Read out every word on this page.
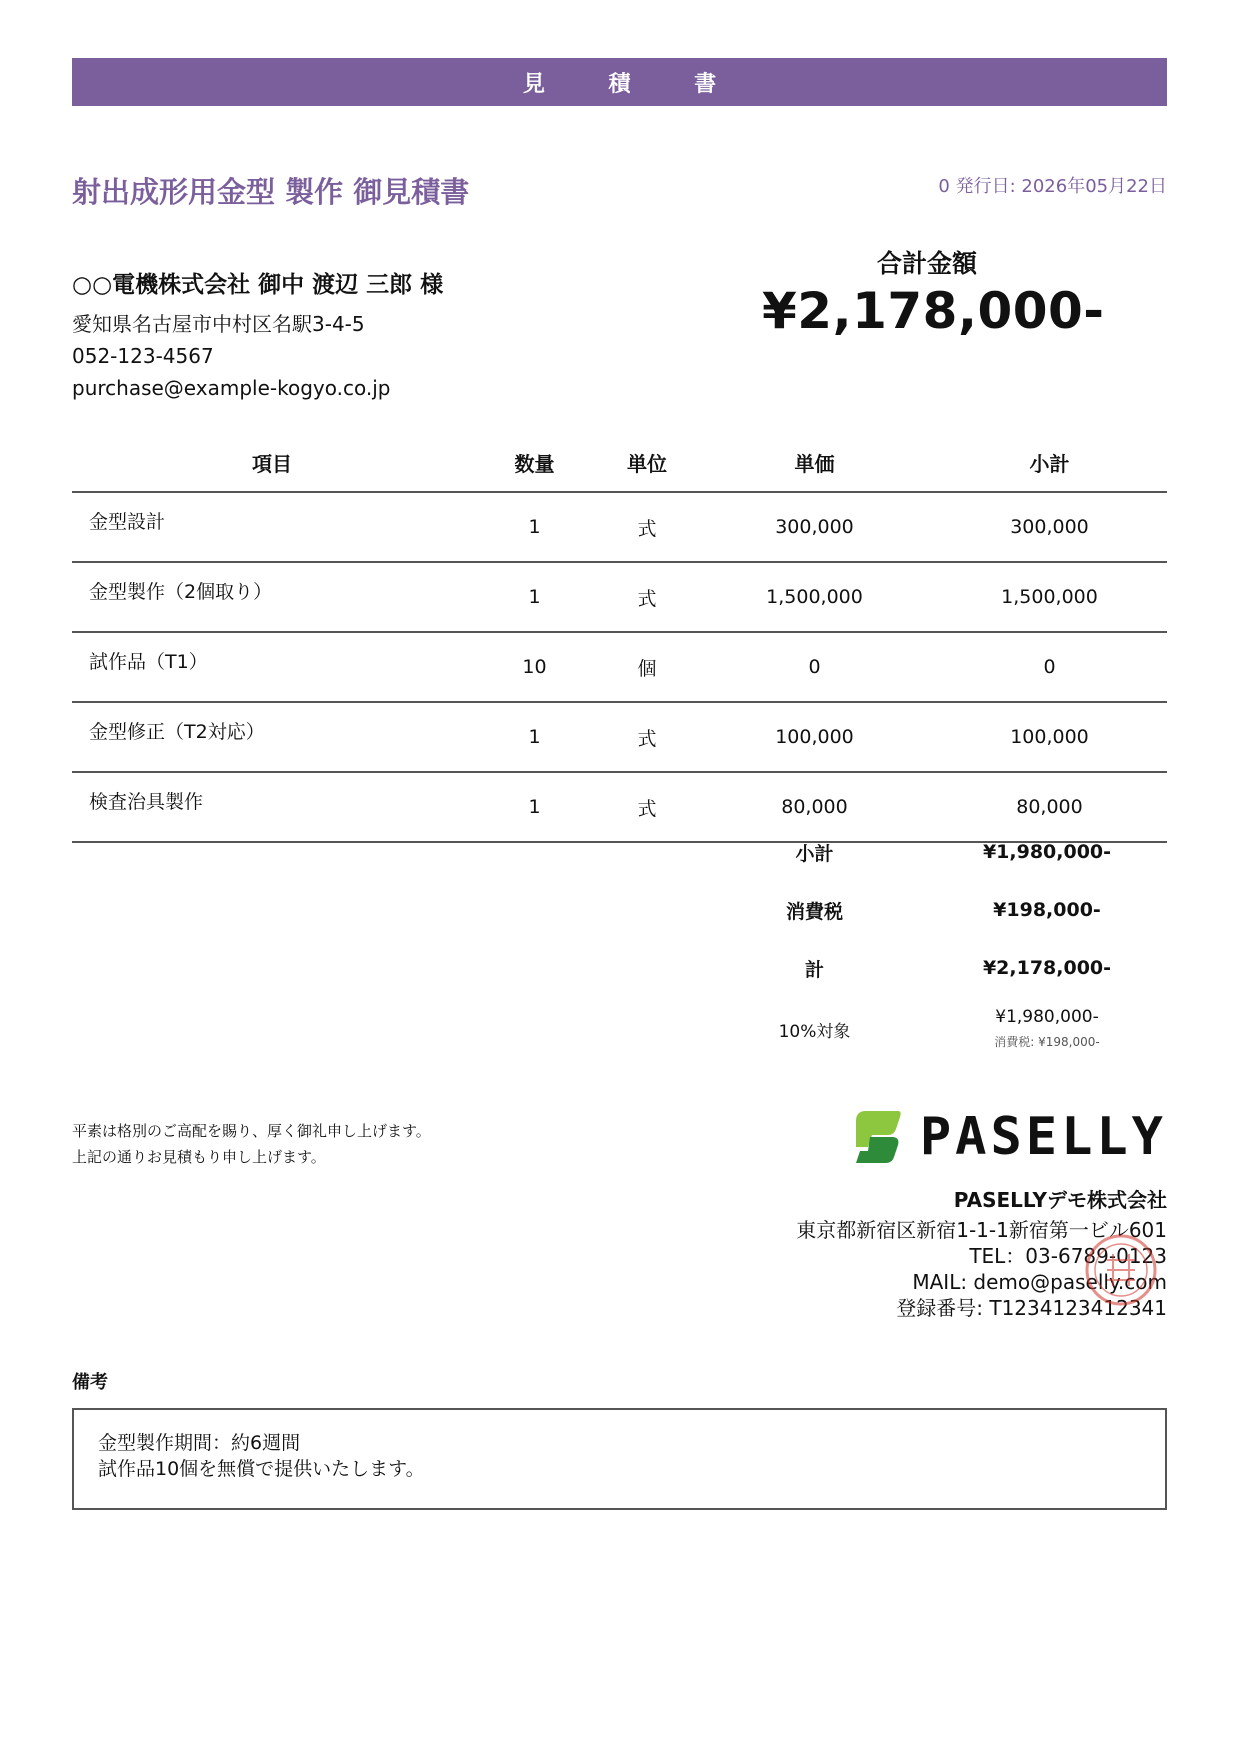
見 積 書
射出成形用金型 製作 御見積書	0 発行日: 2026年05月22日
○○電機株式会社 御中 渡辺 三郎 様
愛知県名古屋市中村区名駅3-4-5
052-123-4567
purchase@example-kogyo.co.jp
合計金額
¥2,178,000-
項目	数量	単位	単価	小計
金型設計	1	式	300,000	300,000
金型製作（2個取り）	1	式	1,500,000	1,500,000
試作品（T1）	10	個	0	0
金型修正（T2対応）	1	式	100,000	100,000
検査治具製作	1	式	80,000	80,000
小計	¥1,980,000-
消費税	¥198,000-
計	¥2,178,000-
10%対象
¥1,980,000-
消費税: ¥198,000-
平素は格別のご高配を賜り、厚く御礼申し上げます。
上記の通りお見積もり申し上げます。	PASELLY
PASELLYデモ株式会社
東京都新宿区新宿1-1-1新宿第一ビル601
TEL：03-6789-0123
MAIL: demo@paselly.com
登録番号: T1234123412341
備考
金型製作期間：約6週間
試作品10個を無償で提供いたします。
